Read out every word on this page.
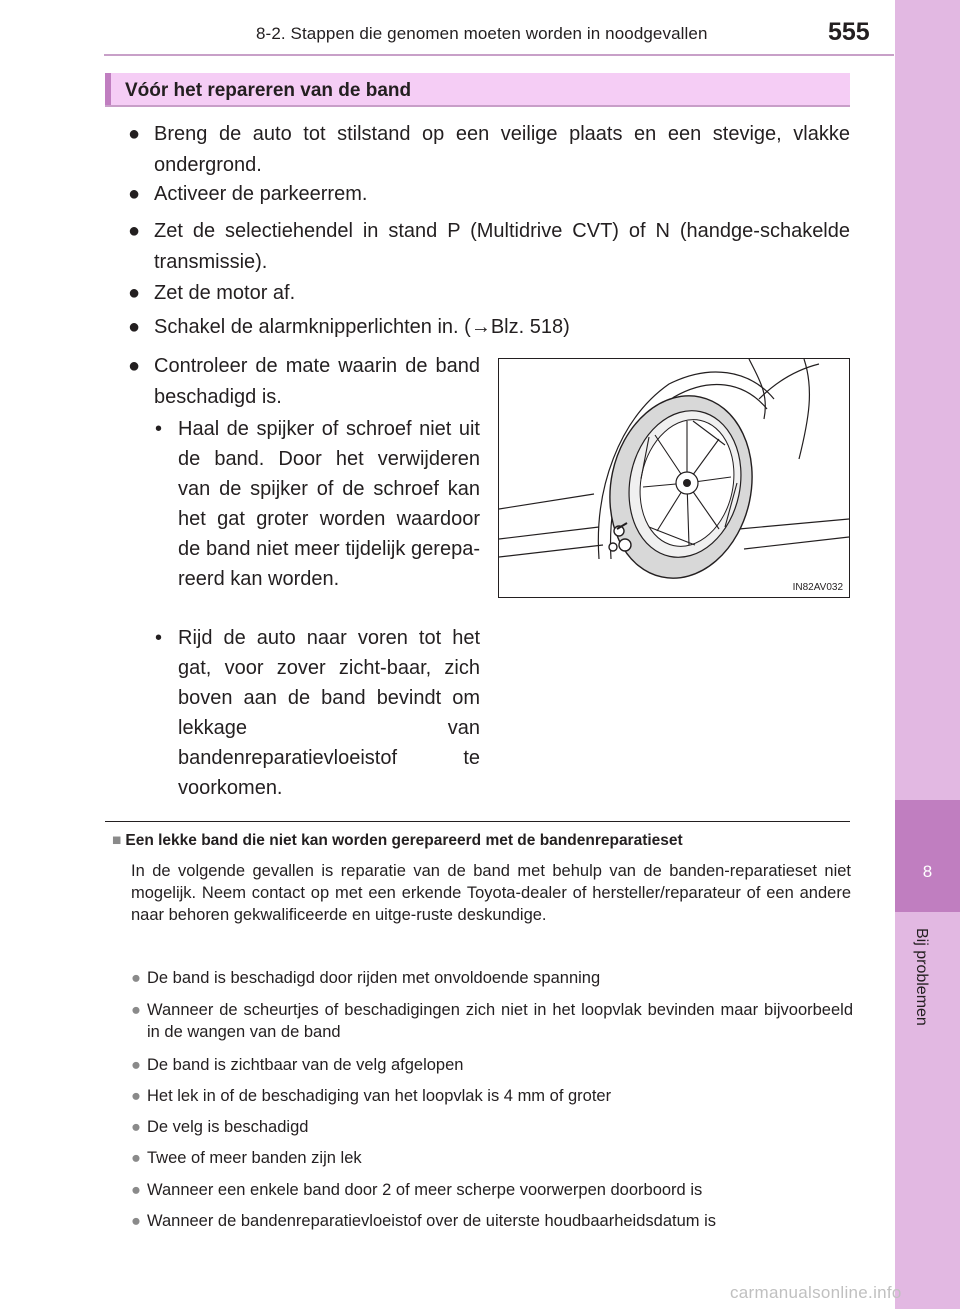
8-2. Stappen die genomen moeten worden in noodgevallen	555
8
Bij problemen
Vóór het repareren van de band
● Breng de auto tot stilstand op een veilige plaats en een stevige, vlakke ondergrond.
● Activeer de parkeerrem.
● Zet de selectiehendel in stand P (Multidrive CVT) of N (handge-schakelde transmissie).
● Zet de motor af.
● Schakel de alarmknipperlichten in. (→Blz. 518)
● Controleer de mate waarin de band beschadigd is.
• Haal de spijker of schroef niet uit de band. Door het verwijderen van de spijker of de schroef kan het gat groter worden waardoor de band niet meer tijdelijk gerepa-reerd kan worden.
• Rijd de auto naar voren tot het gat, voor zover zicht-baar, zich boven aan de band bevindt om lekkage van bandenreparatievloeistof te voorkomen.
IN82AV032
■ Een lekke band die niet kan worden gerepareerd met de bandenreparatieset
In de volgende gevallen is reparatie van de band met behulp van de banden-reparatieset niet mogelijk. Neem contact op met een erkende Toyota-dealer of hersteller/reparateur of een andere naar behoren gekwalificeerde en uitge-ruste deskundige.
● De band is beschadigd door rijden met onvoldoende spanning
● Wanneer de scheurtjes of beschadigingen zich niet in het loopvlak bevinden maar bijvoorbeeld in de wangen van de band
● De band is zichtbaar van de velg afgelopen
● Het lek in of de beschadiging van het loopvlak is 4 mm of groter
● De velg is beschadigd
● Twee of meer banden zijn lek
● Wanneer een enkele band door 2 of meer scherpe voorwerpen doorboord is
● Wanneer de bandenreparatievloeistof over de uiterste houdbaarheidsdatum is
carmanualsonline.info
